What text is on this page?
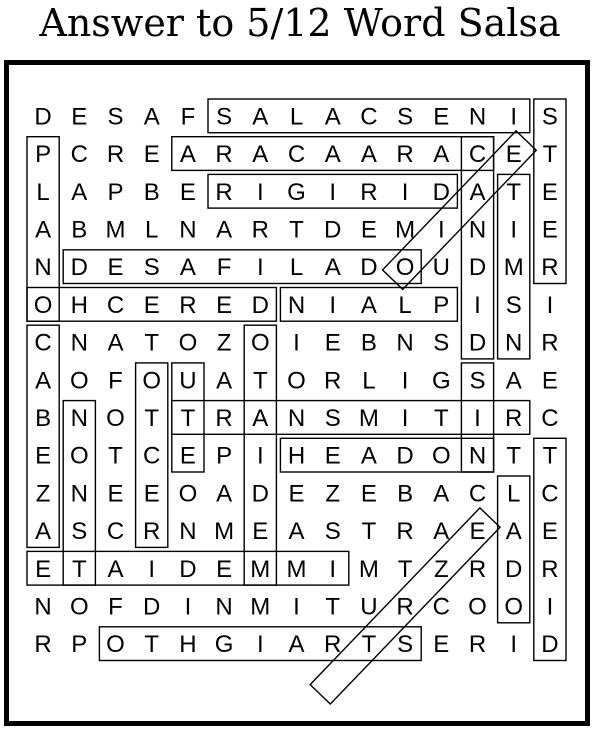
Answer to 5/12 Word Salsa
D E S A F S A L A C S E N I S
P C R E A R A C A A R A C E T
L A P B E R I G I R I D A T E
A B M L N A R T D E M I N I E
N D E S A F I L A D O U D M R
O H C E R E D N I A L P I S I
C N A T O Z O I E B N S D N R
A O F O U A T O R L I G S A E
B N O T T R A N S M I T I R C
E O T C E P I H E A D O N T T
Z N E E O A D E Z E B A C L C
A S C R N M E A S T R A E A E
E T A I D E M M I M T Z R D R
N O F D I N M I T U R C O O I
R P O T H G I A R T S E R I D
